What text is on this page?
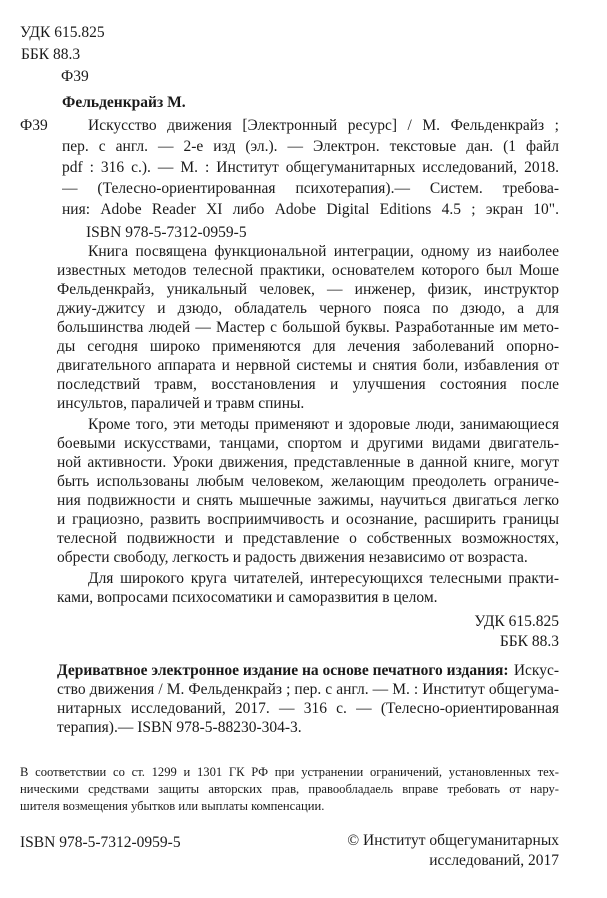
УДК 615.825
ББК 88.3
Ф39
Фельденкрайз М.
Ф39	Искусство движения [Электронный ресурс] / М. Фельденкрайз ;
пер. с англ. — 2-е изд (эл.). — Электрон. текстовые дан. (1 файл
pdf : 316 с.). — М. : Институт общегуманитарных исследований, 2018.
— (Телесно-ориентированная психотерапия).— Систем. требова-
ния: Adobe Reader XI либо Adobe Digital Editions 4.5 ; экран 10".
ISBN 978-5-7312-0959-5
Книга посвящена функциональной интеграции, одному из наиболее
известных методов телесной практики, основателем которого был Моше
Фельденкрайз, уникальный человек, — инженер, физик, инструктор
джиу-джитсу и дзюдо, обладатель черного пояса по дзюдо, а для
большинства людей — Мастер с большой буквы. Разработанные им мето-
ды сегодня широко применяются для лечения заболеваний опорно-
двигательного аппарата и нервной системы и снятия боли, избавления от
последствий травм, восстановления и улучшения состояния после
инсультов, параличей и травм спины.
Кроме того, эти методы применяют и здоровые люди, занимающиеся
боевыми искусствами, танцами, спортом и другими видами двигатель-
ной активности. Уроки движения, представленные в данной книге, могут
быть использованы любым человеком, желающим преодолеть ограниче-
ния подвижности и снять мышечные зажимы, научиться двигаться легко
и грациозно, развить восприимчивость и осознание, расширить границы
телесной подвижности и представление о собственных возможностях,
обрести свободу, легкость и радость движения независимо от возраста.
Для широкого круга читателей, интересующихся телесными практи-
ками, вопросами психосоматики и саморазвития в целом.
УДК 615.825
ББК 88.3
Дериватвное электронное издание на основе печатного издания: Искус-
ство движения / М. Фельденкрайз ; пер. с англ. — М. : Институт общегума-
нитарных исследований, 2017. — 316 с. — (Телесно-ориентированная
терапия).— ISBN 978-5-88230-304-3.
В соответствии со ст. 1299 и 1301 ГК РФ при устранении ограничений, установленных тех-
ническими средствами защиты авторских прав, правообладаель вправе требовать от нару-
шителя возмещения убытков или выплаты компенсации.
ISBN 978-5-7312-0959-5	© Институт общегуманитарных
исследований, 2017
